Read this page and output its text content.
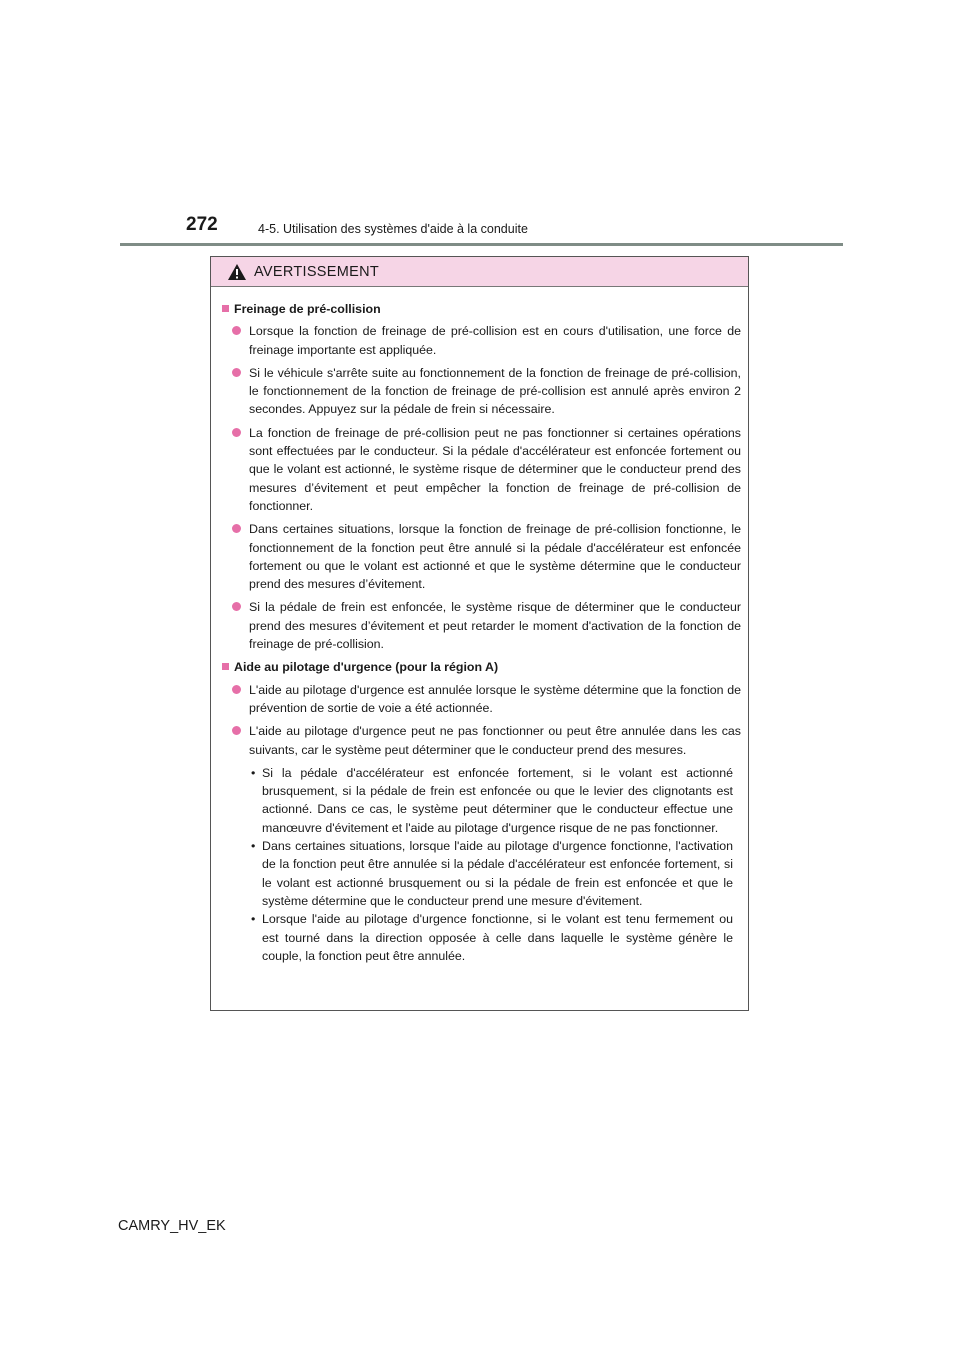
272	4-5. Utilisation des systèmes d'aide à la conduite
AVERTISSEMENT
Freinage de pré-collision
Lorsque la fonction de freinage de pré-collision est en cours d'utilisation, une force de freinage importante est appliquée.
Si le véhicule s'arrête suite au fonctionnement de la fonction de freinage de pré-collision, le fonctionnement de la fonction de freinage de pré-collision est annulé après environ 2 secondes. Appuyez sur la pédale de frein si nécessaire.
La fonction de freinage de pré-collision peut ne pas fonctionner si certaines opérations sont effectuées par le conducteur. Si la pédale d'accélérateur est enfoncée fortement ou que le volant est actionné, le système risque de déterminer que le conducteur prend des mesures d’évitement et peut empêcher la fonction de freinage de pré-collision de fonctionner.
Dans certaines situations, lorsque la fonction de freinage de pré-collision fonctionne, le fonctionnement de la fonction peut être annulé si la pédale d'accélérateur est enfoncée fortement ou que le volant est actionné et que le système détermine que le conducteur prend des mesures d’évitement.
Si la pédale de frein est enfoncée, le système risque de déterminer que le conducteur prend des mesures d’évitement et peut retarder le moment d'activation de la fonction de freinage de pré-collision.
Aide au pilotage d'urgence (pour la région A)
L'aide au pilotage d'urgence est annulée lorsque le système détermine que la fonction de prévention de sortie de voie a été actionnée.
L'aide au pilotage d'urgence peut ne pas fonctionner ou peut être annulée dans les cas suivants, car le système peut déterminer que le conducteur prend des mesures.
• Si la pédale d'accélérateur est enfoncée fortement, si le volant est actionné brusquement, si la pédale de frein est enfoncée ou que le levier des clignotants est actionné. Dans ce cas, le système peut déterminer que le conducteur effectue une manœuvre d'évitement et l'aide au pilotage d'urgence risque de ne pas fonctionner.
• Dans certaines situations, lorsque l'aide au pilotage d'urgence fonctionne, l'activation de la fonction peut être annulée si la pédale d'accélérateur est enfoncée fortement, si le volant est actionné brusquement ou si la pédale de frein est enfoncée et que le système détermine que le conducteur prend une mesure d'évitement.
• Lorsque l'aide au pilotage d'urgence fonctionne, si le volant est tenu fermement ou est tourné dans la direction opposée à celle dans laquelle le système génère le couple, la fonction peut être annulée.
CAMRY_HV_EK
